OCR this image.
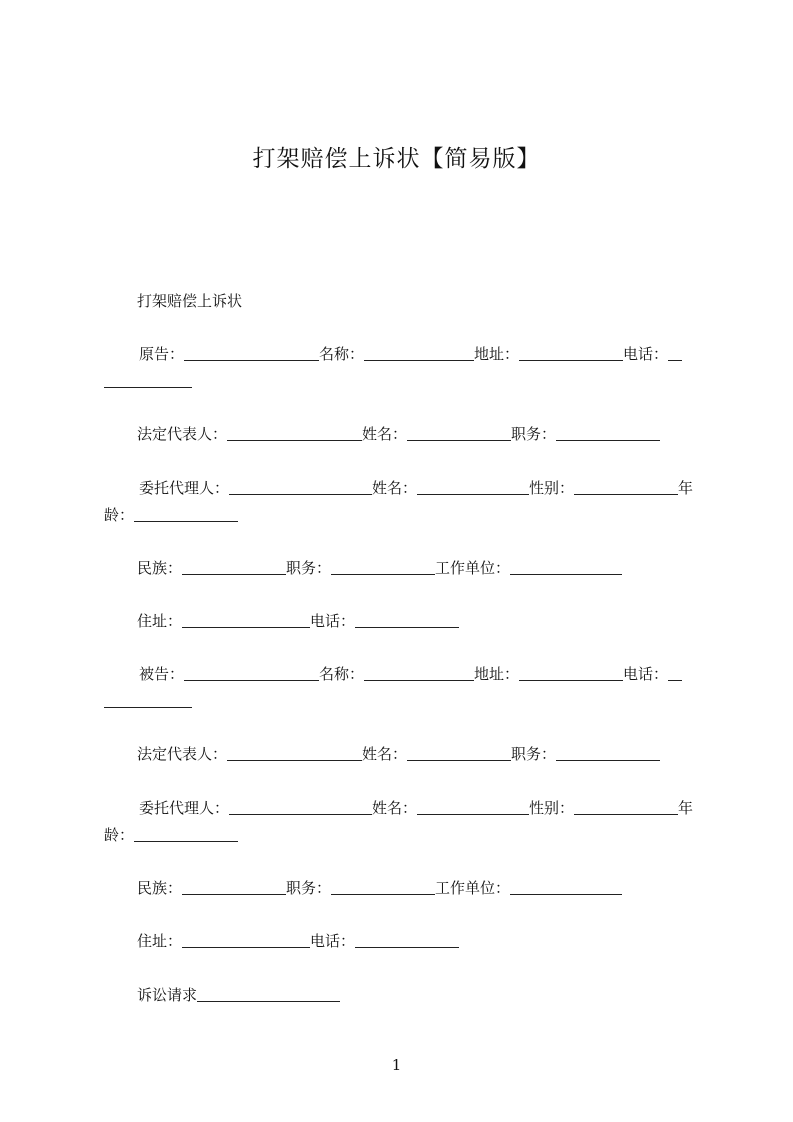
打架赔偿上诉状【简易版】
打架赔偿上诉状
原告：	名称：	地址：	电话：
法定代表人：	姓名：	职务：
委托代理人：	姓名：	性别：	年
龄：
民族：	职务：	工作单位：
住址：	电话：
被告：	名称：	地址：	电话：
法定代表人：	姓名：	职务：
委托代理人：	姓名：	性别：	年
龄：
民族：	职务：	工作单位：
住址：	电话：
诉讼请求
1
